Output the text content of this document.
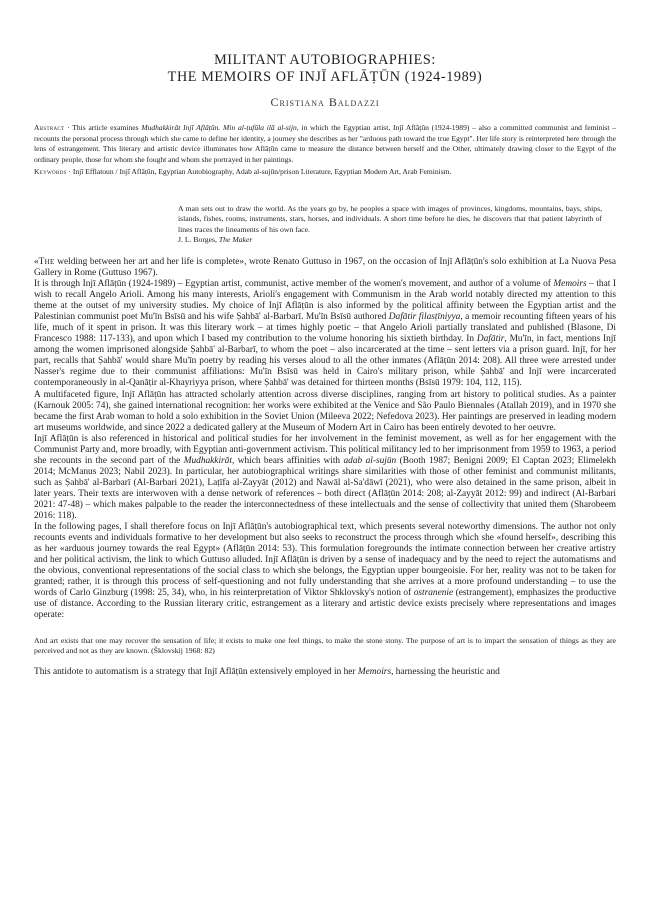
MILITANT AUTOBIOGRAPHIES:
THE MEMOIRS OF INJĪ AFLĀṬŪN (1924-1989)
Cristiana Baldazzi
Abstract · This article examines Mudhakkirāt Injī Aflāṭūn. Min al-ṭufūla ilā al-sijn, in which the Egyptian artist, Injī Aflāṭūn (1924-1989) – also a committed communist and feminist – recounts the personal process through which she came to define her identity, a journey she describes as her "arduous path toward the true Egypt". Her life story is reinterpreted here through the lens of estrangement. This literary and artistic device illuminates how Aflāṭūn came to measure the distance between herself and the Other, ultimately drawing closer to the Egypt of the ordinary people, those for whom she fought and whom she portrayed in her paintings.
Keywords · Injī Efflatoun / Injī Aflāṭūn, Egyptian Autobiography, Adab al-sujūn/prison Literature, Egyptian Modern Art, Arab Feminism.
A man sets out to draw the world. As the years go by, he peoples a space with images of provinces, kingdoms, mountains, bays, ships, islands, fishes, rooms, instruments, stars, horses, and individuals. A short time before he dies, he discovers that that patient labyrinth of lines traces the lineaments of his own face.
J. L. Borges, The Maker

«The welding between her art and her life is complete», wrote Renato Guttuso in 1967, on the occasion of Injī Aflāṭūn's solo exhibition at La Nuova Pesa Gallery in Rome (Guttuso 1967).

It is through Injī Aflāṭūn (1924-1989) – Egyptian artist, communist, active member of the women's movement, and author of a volume of Memoirs – that I wish to recall Angelo Arioli. Among his many interests, Arioli's engagement with Communism in the Arab world notably directed my attention to this theme at the outset of my university studies. My choice of Injī Aflāṭūn is also informed by the political affinity between the Egyptian artist and the Palestinian communist poet Mu'īn Bsīsū and his wife Ṣahbā' al-Barbarī. Mu'īn Bsīsū authored Dafātir filasṭīniyya, a memoir recounting fifteen years of his life, much of it spent in prison. It was this literary work – at times highly poetic – that Angelo Arioli partially translated and published (Blasone, Di Francesco 1988: 117-133), and upon which I based my contribution to the volume honoring his sixtieth birthday. In Dafātir, Mu'īn, in fact, mentions Injī among the women imprisoned alongside Ṣahbā' al-Barbarī, to whom the poet – also incarcerated at the time – sent letters via a prison guard. Injī, for her part, recalls that Ṣahbā' would share Mu'īn poetry by reading his verses aloud to all the other inmates (Aflāṭūn 2014: 208). All three were arrested under Nasser's regime due to their communist affiliations: Mu'īn Bsīsū was held in Cairo's military prison, while Ṣahbā' and Injī were incarcerated contemporaneously in al-Qanāṭir al-Khayriyya prison, where Ṣahbā' was detained for thirteen months (Bsīsū 1979: 104, 112, 115).

A multifaceted figure, Injī Aflāṭūn has attracted scholarly attention across diverse disciplines, ranging from art history to political studies. As a painter (Karnouk 2005: 74), she gained international recognition: her works were exhibited at the Venice and São Paulo Biennales (Atallah 2019), and in 1970 she became the first Arab woman to hold a solo exhibition in the Soviet Union (Mileeva 2022; Nefedova 2023). Her paintings are preserved in leading modern art museums worldwide, and since 2022 a dedicated gallery at the Museum of Modern Art in Cairo has been entirely devoted to her oeuvre.

Injī Aflāṭūn is also referenced in historical and political studies for her involvement in the feminist movement, as well as for her engagement with the Communist Party and, more broadly, with Egyptian anti-government activism. This political militancy led to her imprisonment from 1959 to 1963, a period she recounts in the second part of the Mudhakkirāt, which bears affinities with adab al-sujūn (Booth 1987; Benigni 2009; El Captan 2023; Elimelekh 2014; McManus 2023; Nabil 2023). In particular, her autobiographical writings share similarities with those of other feminist and communist militants, such as Ṣahbā' al-Barbarī (Al-Barbari 2021), Laṭīfa al-Zayyāt (2012) and Nawāl al-Sa'dāwī (2021), who were also detained in the same prison, albeit in later years. Their texts are interwoven with a dense network of references – both direct (Aflāṭūn 2014: 208; al-Zayyāt 2012: 99) and indirect (Al-Barbari 2021: 47-48) – which makes palpable to the reader the interconnectedness of these intellectuals and the sense of collectivity that united them (Sharobeem 2016: 118).

In the following pages, I shall therefore focus on Injī Aflāṭūn's autobiographical text, which presents several noteworthy dimensions. The author not only recounts events and individuals formative to her development but also seeks to reconstruct the process through which she «found herself», describing this as her «arduous journey towards the real Egypt» (Aflāṭūn 2014: 53). This formulation foregrounds the intimate connection between her creative artistry and her political activism, the link to which Guttuso alluded. Injī Aflāṭūn is driven by a sense of inadequacy and by the need to reject the automatisms and the obvious, conventional representations of the social class to which she belongs, the Egyptian upper bourgeoisie. For her, reality was not to be taken for granted; rather, it is through this process of self-questioning and not fully understanding that she arrives at a more profound understanding – to use the words of Carlo Ginzburg (1998: 25, 34), who, in his reinterpretation of Viktor Shklovsky's notion of ostranenie (estrangement), emphasizes the productive use of distance. According to the Russian literary critic, estrangement as a literary and artistic device exists precisely where representations and images operate:

And art exists that one may recover the sensation of life; it exists to make one feel things, to make the stone stony. The purpose of art is to impart the sensation of things as they are perceived and not as they are known. (Šklovskij 1968: 82)
This antidote to automatism is a strategy that Injī Aflāṭūn extensively employed in her Memoirs, harnessing the heuristic and
